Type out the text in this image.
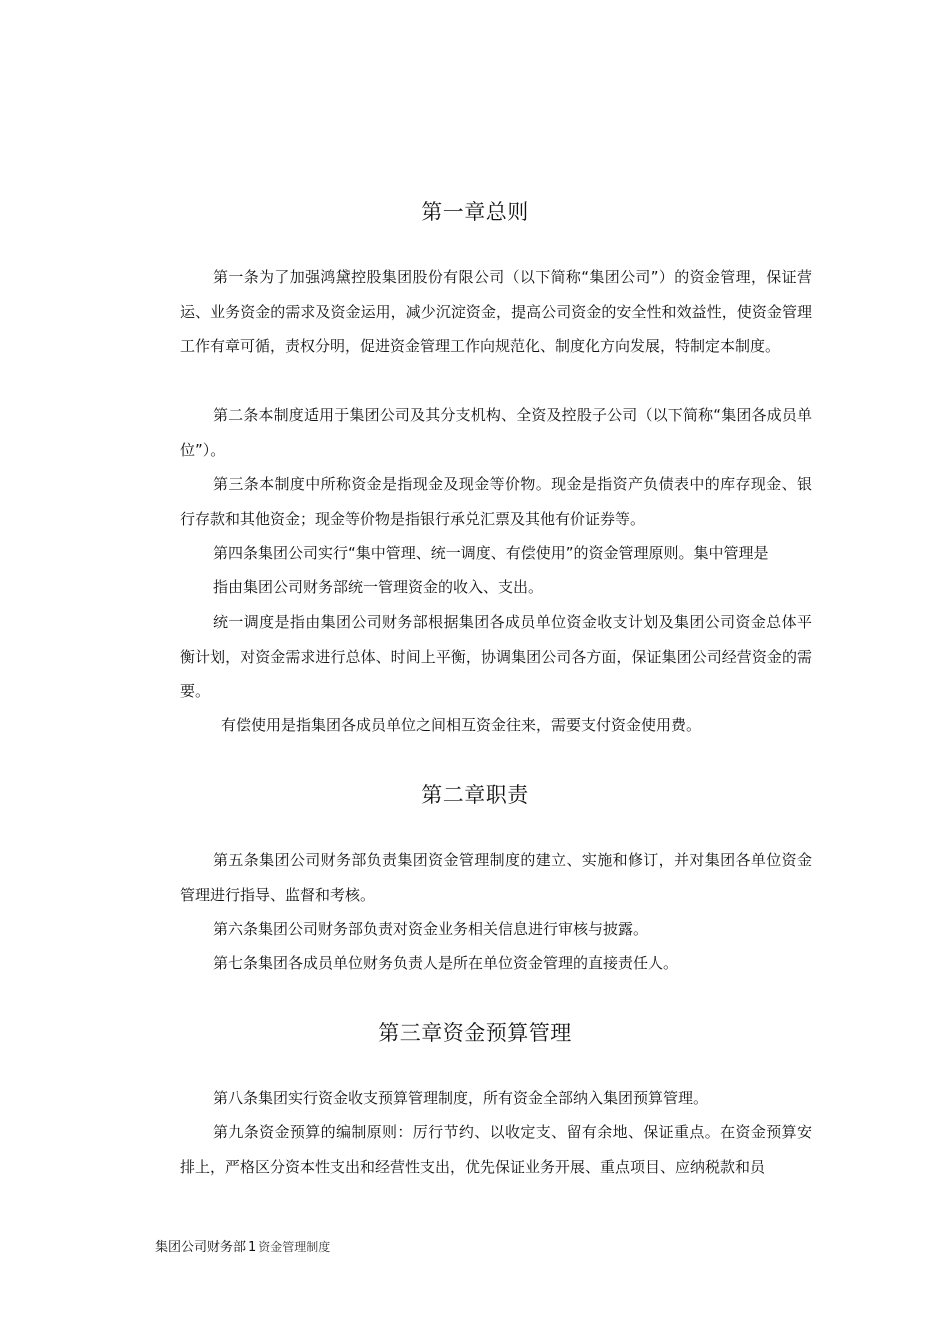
第一章总则

第一条为了加强鸿黛控股集团股份有限公司（以下简称“集团公司”）的资金管理，保证营运、业务资金的需求及资金运用，减少沉淀资金，提高公司资金的安全性和效益性，使资金管理工作有章可循，责权分明，促进资金管理工作向规范化、制度化方向发展，特制定本制度。

第二条本制度适用于集团公司及其分支机构、全资及控股子公司（以下简称“集团各成员单位”）。

第三条本制度中所称资金是指现金及现金等价物。现金是指资产负债表中的库存现金、银行存款和其他资金；现金等价物是指银行承兑汇票及其他有价证券等。

第四条集团公司实行“集中管理、统一调度、有偿使用”的资金管理原则。集中管理是

指由集团公司财务部统一管理资金的收入、支出。

统一调度是指由集团公司财务部根据集团各成员单位资金收支计划及集团公司资金总体平衡计划，对资金需求进行总体、时间上平衡，协调集团公司各方面，保证集团公司经营资金的需要。

有偿使用是指集团各成员单位之间相互资金往来，需要支付资金使用费。

第二章职责

第五条集团公司财务部负责集团资金管理制度的建立、实施和修订，并对集团各单位资金管理进行指导、监督和考核。

第六条集团公司财务部负责对资金业务相关信息进行审核与披露。

第七条集团各成员单位财务负责人是所在单位资金管理的直接责任人。

第三章资金预算管理

第八条集团实行资金收支预算管理制度，所有资金全部纳入集团预算管理。

第九条资金预算的编制原则：厉行节约、以收定支、留有余地、保证重点。在资金预算安排上，严格区分资本性支出和经营性支出，优先保证业务开展、重点项目、应纳税款和员

集团公司财务部 1 资金管理制度
